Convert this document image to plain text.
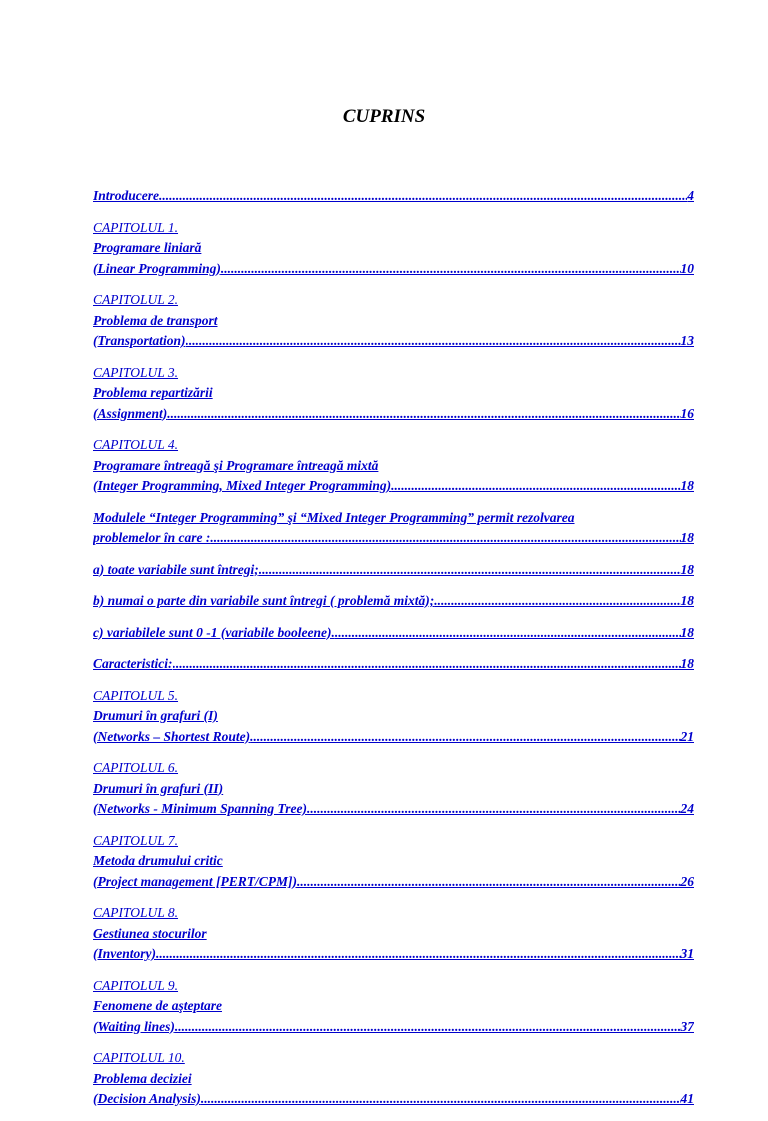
CUPRINS
Introducere .....	4
CAPITOLUL 1.
Programare liniară
(Linear Programming) .....	10
CAPITOLUL 2.
Problema de transport
(Transportation) .....	13
CAPITOLUL 3.
Problema repartizării
(Assignment) .....	16
CAPITOLUL 4.
Programare întreagă şi Programare întreagă mixtă
(Integer Programming, Mixed Integer Programming) .....	18
Modulele “Integer Programming” şi “Mixed Integer Programming” permit rezolvarea
problemelor în care : .....	18
a) toate variabile sunt întregi; .....	18
b) numai o parte din variabile sunt întregi ( problemă mixtă); .....	18
c) variabilele sunt 0 -1 (variabile booleene). .....	18
Caracteristici: .....	18
CAPITOLUL 5.
Drumuri în grafuri (I)
(Networks – Shortest Route) .....	21
CAPITOLUL 6.
Drumuri în grafuri (II)
(Networks - Minimum Spanning Tree) .....	24
CAPITOLUL 7.
Metoda drumului critic
(Project management [PERT/CPM]) .....	26
CAPITOLUL 8.
Gestiunea stocurilor
(Inventory) .....	31
CAPITOLUL 9.
Fenomene de aşteptare
(Waiting lines) .....	37
CAPITOLUL 10.
Problema deciziei
(Decision Analysis) .....	41
